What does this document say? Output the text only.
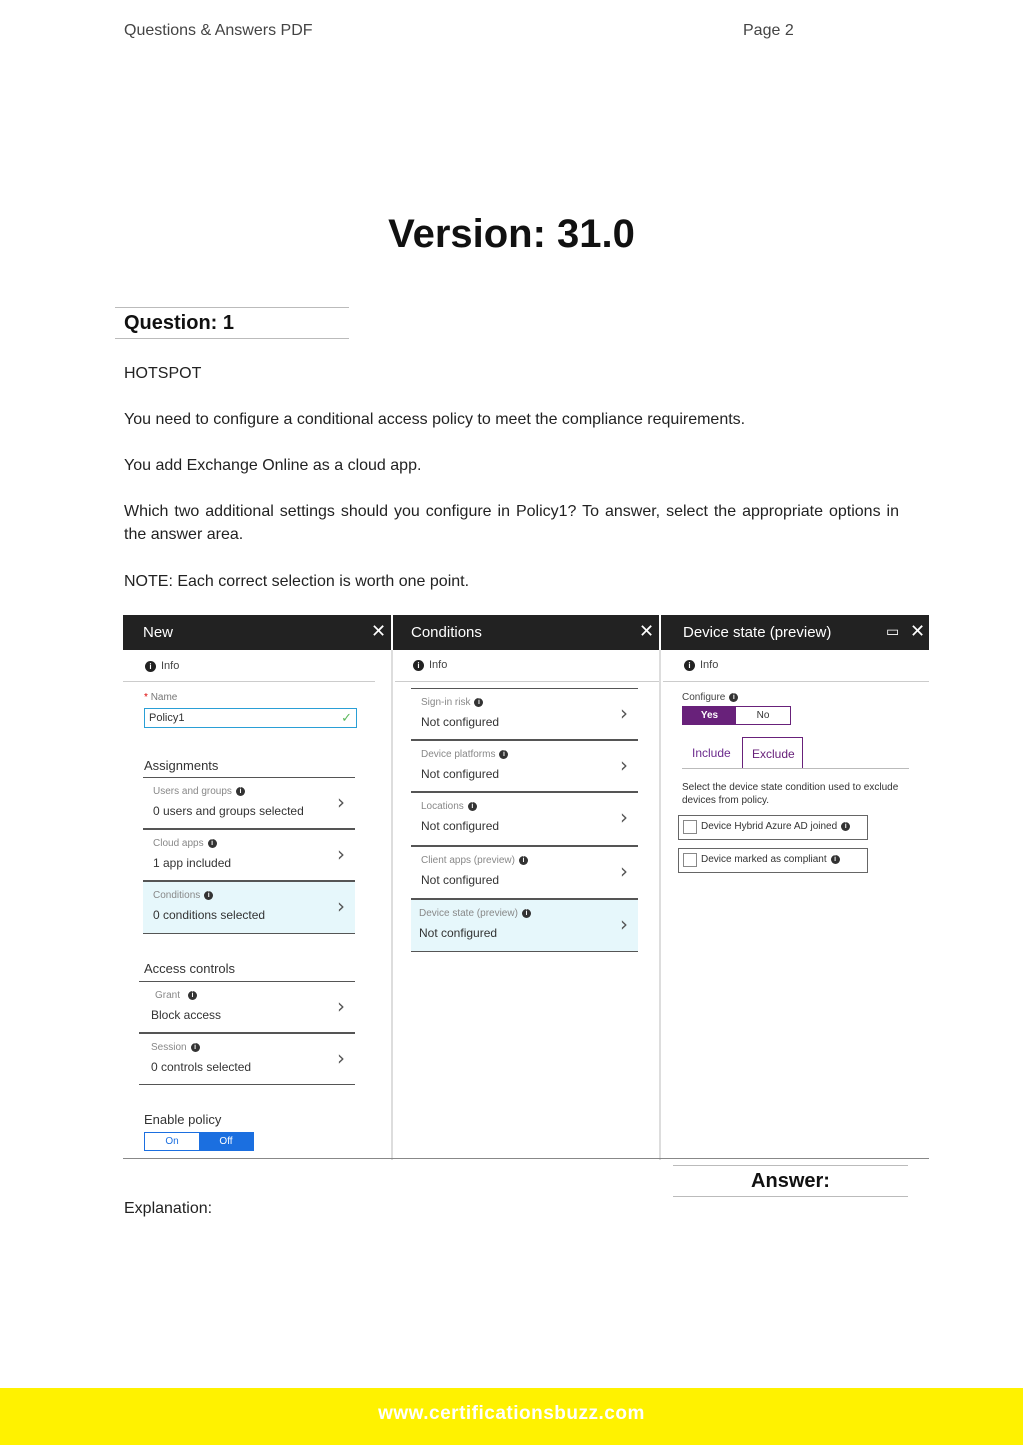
Questions & Answers PDF	Page 2
Version: 31.0
Question: 1
HOTSPOT
You need to configure a conditional access policy to meet the compliance requirements.
You add Exchange Online as a cloud app.
Which two additional settings should you configure in Policy1? To answer, select the appropriate options in the answer area.
NOTE: Each correct selection is worth one point.
New	✕ Conditions	✕ Device state (preview)	▭ ✕
i Info
* Name
Policy1	✓
Assignments
Users and groups i
0 users and groups selected ›
Cloud apps i
1 app included	›
Conditions i
0 conditions selected	›
Access controls
Grant i
Block access	›
Session i
0 controls selected	›
Enable policy
On	Off
i Info
Sign-in risk i
Not configured	›
Device platforms i
Not configured	›
Locations i
Not configured	›
Client apps (preview) i
Not configured	›
Device state (preview) i
Not configured	›
i Info
Configure i
Yes	No
Include Exclude
Select the device state condition used to exclude devices from policy.
Device Hybrid Azure AD joined i
Device marked as compliant i
Answer:
Explanation:
www.certificationsbuzz.com
